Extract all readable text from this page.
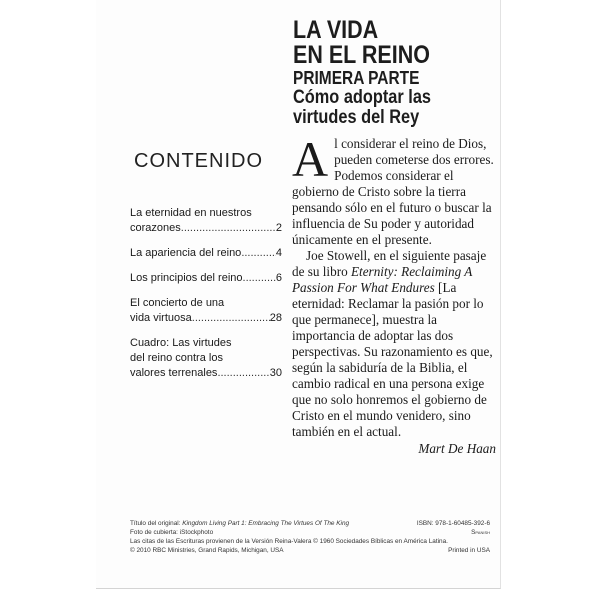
LA VIDA
EN EL REINO
PRIMERA PARTE
Cómo adoptar las
virtudes del Rey
CONTENIDO
La eternidad en nuestros
corazones .....	2
La apariencia del reino .....	4
Los principios del reino .....	6
El concierto de una
vida virtuosa .....	28
Cuadro: Las virtudes
del reino contra los
valores terrenales .....	30

Al considerar el reino de Dios, pueden cometerse dos errores. Podemos considerar el gobierno de Cristo sobre la tierra pensando sólo en el futuro o buscar la influencia de Su poder y autoridad únicamente en el presente.

Joe Stowell, en el siguiente pasaje de su libro Eternity: Reclaiming A Passion For What Endures [La eternidad: Reclamar la pasión por lo que permanece], muestra la importancia de adoptar las dos perspectivas. Su razonamiento es que, según la sabiduría de la Biblia, el cambio radical en una persona exige que no solo honremos el gobierno de Cristo en el mundo venidero, sino también en el actual.

Mart De Haan
Título del original: Kingdom Living Part 1: Embracing The Virtues Of The King	ISBN: 978-1-60485-392-6
Foto de cubierta: iStockphoto	Spanish
Las citas de las Escrituras provienen de la Versión Reina-Valera © 1960 Sociedades Bíblicas en América Latina.
© 2010 RBC Ministries, Grand Rapids, Michigan, USA	Printed in USA
